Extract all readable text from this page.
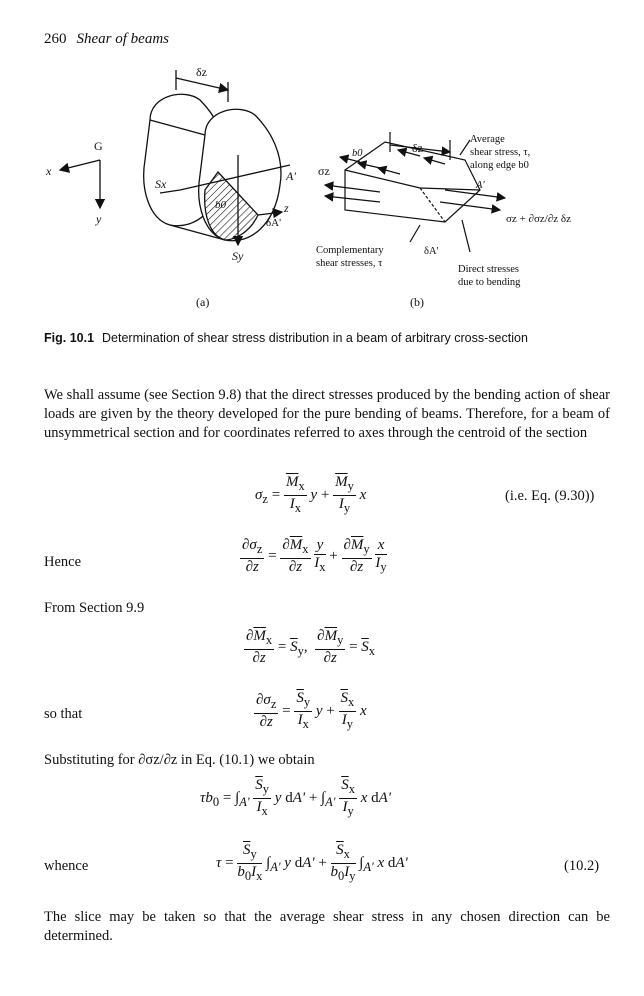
260 Shear of beams
δz
G
x
y
Sx
Sy
b0
A'
z
δA'
(a)
δz
σz
b0
A'
δA'
Average
shear stress, τ,
along edge b0
Complementary
shear stresses, τ
Direct stresses
due to bending
σz + ∂σz/∂z δz
(b)
Fig. 10.1 Determination of shear stress distribution in a beam of arbitrary cross-section
We shall assume (see Section 9.8) that the direct stresses produced by the bending action of shear loads are given by the theory developed for the pure bending of beams. Therefore, for a beam of unsymmetrical section and for coordinates referred to axes through the centroid of the section
$\sigma_z = \frac{\overline{M}_x}{I_x}$ $y + \frac{\overline{M}_y}{I_y}$ x	(i.e. Eq. (9.30))
Hence	$\frac{\partial\sigma_z}{\partial z} = \frac{\partial\overline{M}_x}{\partial z}$
$\frac{y}{I_x} + \frac{\partial\overline{M}_y}{\partial z}$
$\frac{x}{I_y}$
From Section 9.9
$\frac{\partial\overline{M}_x}{\partial z} = \overline{S}_y$, $\frac{\partial\overline{M}_y}{\partial z} = \overline{S}_x$
so that	$\frac{\partial\sigma_z}{\partial z} = \frac{\overline{S}_y}{I_x}$ $y + \frac{\overline{S}_x}{I_y}$ x
Substituting for ∂σz/∂z in Eq. (10.1) we obtain
$\tau b_0 = \int_{A'} \frac{\overline{S}_y}{I_x}$ y $dA' + \int_{A'} \frac{\overline{S}_x}{I_y}$ x dA'
whence	$\tau = \frac{\overline{S}_y}{b_0I_x} \int_{A'}$ y $dA' + \frac{\overline{S}_x}{b_0I_y} \int_{A'}$ x dA'	(10.2)
The slice may be taken so that the average shear stress in any chosen direction can be determined.
